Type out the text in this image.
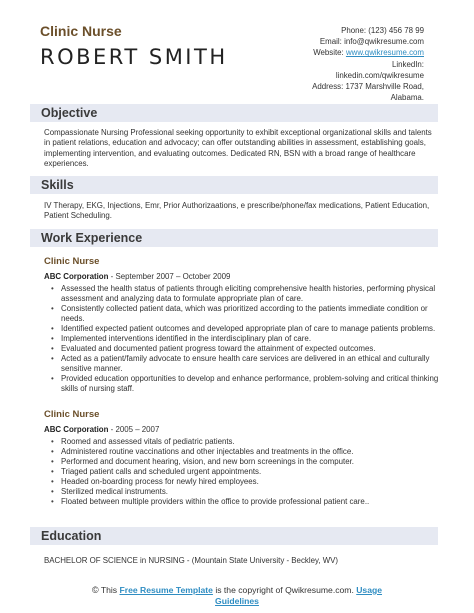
Clinic Nurse
ROBERT SMITH
Phone: (123) 456 78 99
Email: info@qwikresume.com
Website: www.qwikresume.com
LinkedIn:
linkedin.com/qwikresume
Address: 1737 Marshville Road,
Alabama.
Objective

Compassionate Nursing Professional seeking opportunity to exhibit exceptional organizational skills and talents in patient relations, education and advocacy; can offer outstanding abilities in assessment, establishing goals, implementing intervention, and evaluating outcomes. Dedicated RN, BSN with a broad range of healthcare experiences.

Skills

IV Therapy, EKG, Injections, Emr, Prior Authorizaations, e prescribe/phone/fax medications, Patient Education, Patient Scheduling.

Work Experience
Clinic Nurse
ABC Corporation - September 2007 – October 2009
• Assessed the health status of patients through eliciting comprehensive health histories, performing physical assessment and analyzing data to formulate appropriate plan of care.
• Consistently collected patient data, which was prioritized according to the patients immediate condition or needs.
• Identified expected patient outcomes and developed appropriate plan of care to manage patients problems.
• Implemented interventions identified in the interdisciplinary plan of care.
• Evaluated and documented patient progress toward the attainment of expected outcomes.
• Acted as a patient/family advocate to ensure health care services are delivered in an ethical and culturally sensitive manner.
• Provided education opportunities to develop and enhance performance, problem-solving and critical thinking skills of nursing staff.
Clinic Nurse
ABC Corporation - 2005 – 2007
• Roomed and assessed vitals of pediatric patients.
• Administered routine vaccinations and other injectables and treatments in the office.
• Performed and document hearing, vision, and new born screenings in the computer.
• Triaged patient calls and scheduled urgent appointments.
• Headed on-boarding process for newly hired employees.
• Sterilized medical instruments.
• Floated between multiple providers within the office to provide professional patient care..
Education
BACHELOR OF SCIENCE in NURSING - (Mountain State University - Beckley, WV)
© This Free Resume Template is the copyright of Qwikresume.com. Usage
Guidelines
